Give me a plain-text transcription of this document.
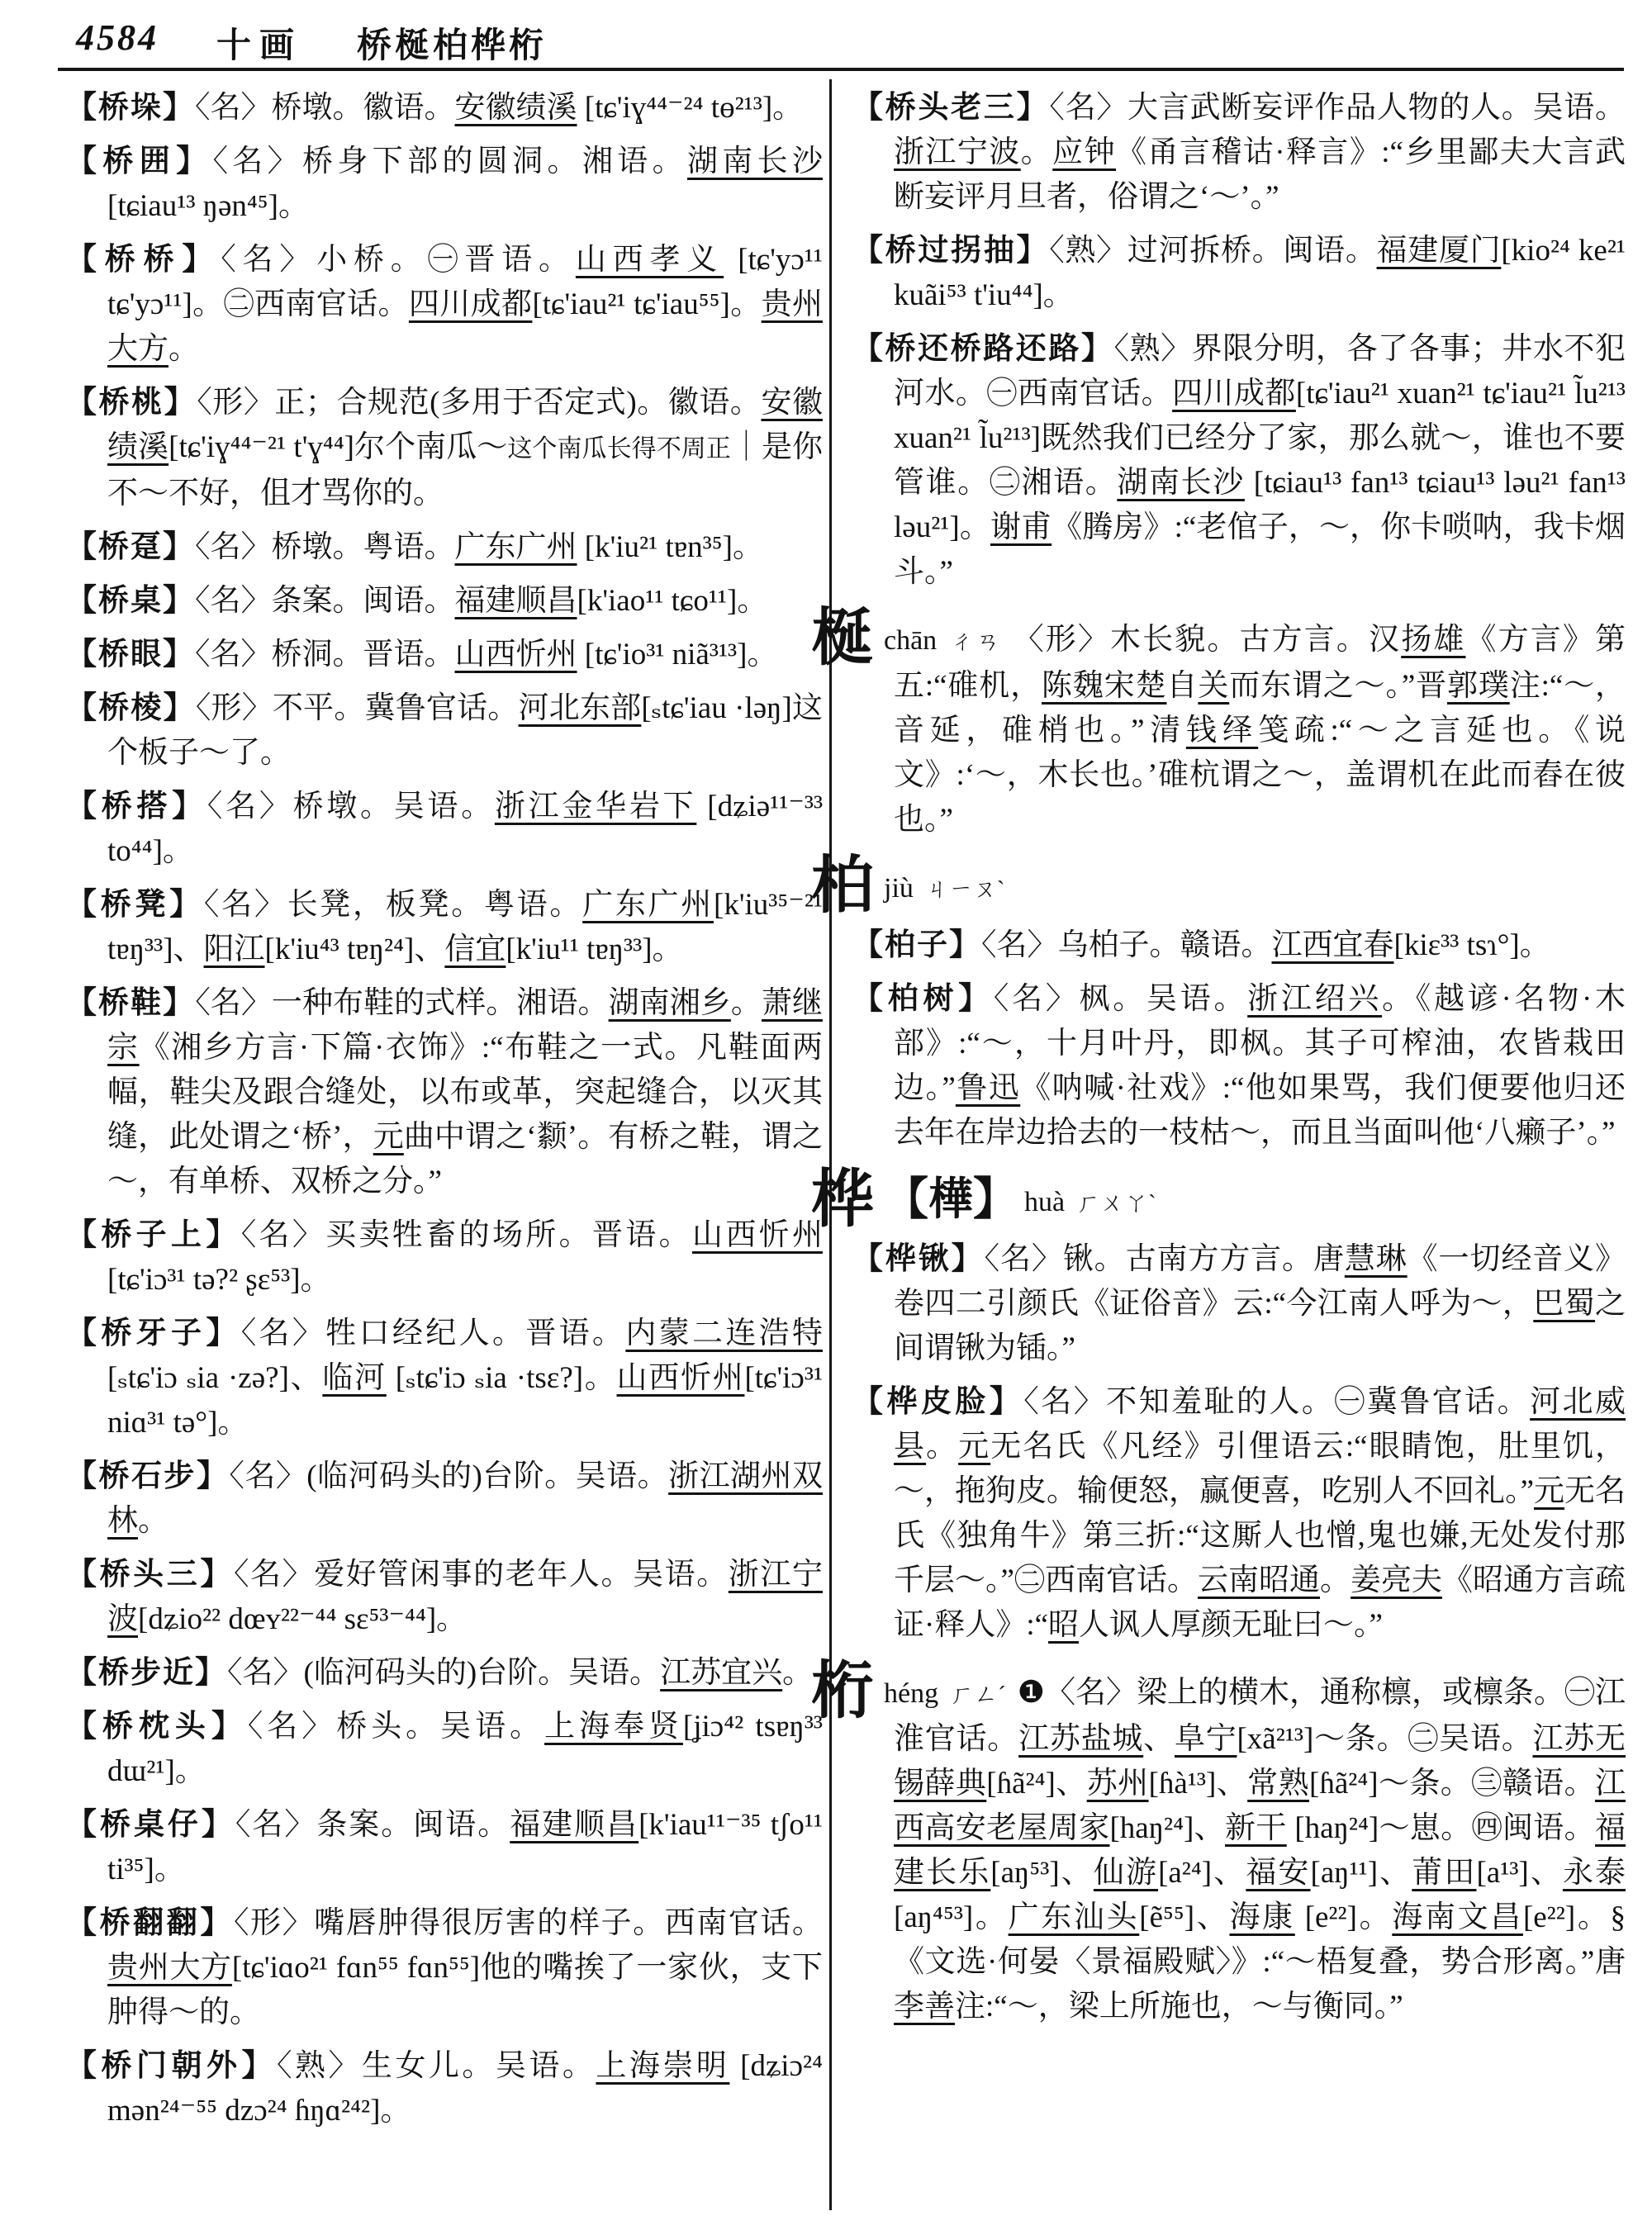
4584 十画 桥梴柏桦桁

【桥垛】〈名〉桥墩。徽语。安徽绩溪 [tɕ'iɣ⁴⁴⁻²⁴ tɵ²¹³]。

【桥囲】〈名〉桥身下部的圆洞。湘语。湖南长沙 [tɕiau¹³ ŋən⁴⁵]。

【桥桥】〈名〉小桥。㊀晋语。山西孝义 [tɕ'yɔ¹¹ tɕ'yɔ¹¹]。㊁西南官话。四川成都[tɕ'iau²¹ tɕ'iau⁵⁵]。贵州大方。

【桥桃】〈形〉正；合规范(多用于否定式)。徽语。安徽绩溪[tɕ'iɣ⁴⁴⁻²¹ t'ɣ⁴⁴]尔个南瓜～这个南瓜长得不周正｜是你不～不好，伹才骂你的。

【桥趸】〈名〉桥墩。粤语。广东广州 [k'iu²¹ tɐn³⁵]。

【桥桌】〈名〉条案。闽语。福建顺昌[k'iao¹¹ tɕo¹¹]。

【桥眼】〈名〉桥洞。晋语。山西忻州 [tɕ'io³¹ niã³¹³]。

【桥棱】〈形〉不平。冀鲁官话。河北东部[ₛtɕ'iau ·ləŋ]这个板子～了。

【桥搭】〈名〉桥墩。吴语。浙江金华岩下 [dʑiə¹¹⁻³³ to⁴⁴]。

【桥凳】〈名〉长凳，板凳。粤语。广东广州[k'iu³⁵⁻²¹ tɐŋ³³]、阳江[k'iu⁴³ tɐŋ²⁴]、信宜[k'iu¹¹ tɐŋ³³]。

【桥鞋】〈名〉一种布鞋的式样。湘语。湖南湘乡。萧继宗《湘乡方言·下篇·衣饰》:“布鞋之一式。凡鞋面两幅，鞋尖及跟合缝处，以布或革，突起缝合，以灭其缝，此处谓之‘桥’，元曲中谓之‘颣’。有桥之鞋，谓之～，有单桥、双桥之分。”

【桥子上】〈名〉买卖牲畜的场所。晋语。山西忻州[tɕ'iɔ³¹ tə?² ʂɛ⁵³]。

【桥牙子】〈名〉牲口经纪人。晋语。内蒙二连浩特[ₛtɕ'iɔ ₛia ·zə?]、临河 [ₛtɕ'iɔ ₛia ·tsɛ?]。山西忻州[tɕ'iɔ³¹ niɑ³¹ tə°]。

【桥石步】〈名〉(临河码头的)台阶。吴语。浙江湖州双林。

【桥头三】〈名〉爱好管闲事的老年人。吴语。浙江宁波[dʑio²² dœʏ²²⁻⁴⁴ sɛ⁵³⁻⁴⁴]。

【桥步近】〈名〉(临河码头的)台阶。吴语。江苏宜兴。

【桥枕头】〈名〉桥头。吴语。上海奉贤[ʝiɔ⁴² tsɐŋ³³ dɯ²¹]。

【桥桌仔】〈名〉条案。闽语。福建顺昌[k'iau¹¹⁻³⁵ tʃo¹¹ ti³⁵]。

【桥翻翻】〈形〉嘴唇肿得很厉害的样子。西南官话。贵州大方[tɕ'iɑo²¹ fɑn⁵⁵ fɑn⁵⁵]他的嘴挨了一家伙，支下肿得～的。

【桥门朝外】〈熟〉生女儿。吴语。上海崇明 [dʑiɔ²⁴ mən²⁴⁻⁵⁵ dzɔ²⁴ ɦŋɑ²⁴²]。

【桥头老三】〈名〉大言武断妄评作品人物的人。吴语。浙江宁波。应钟《甬言稽诂·释言》:“乡里鄙夫大言武断妄评月旦者，俗谓之‘～’。”

【桥过拐抽】〈熟〉过河拆桥。闽语。福建厦门[kio²⁴ ke²¹ kuãi⁵³ t'iu⁴⁴]。

【桥还桥路还路】〈熟〉界限分明，各了各事；井水不犯河水。㊀西南官话。四川成都[tɕ'iau²¹ xuan²¹ tɕ'iau²¹ l̃u²¹³ xuan²¹ l̃u²¹³]既然我们已经分了家，那么就～，谁也不要管谁。㊁湘语。湖南长沙 [tɕiau¹³ fan¹³ tɕiau¹³ ləu²¹ fan¹³ ləu²¹]。谢甫《腾房》:“老倌子，～，你卡唢呐，我卡烟斗。”

梴chān ㄔㄢ 〈形〉木长貌。古方言。汉扬雄《方言》第五:“碓机，陈魏宋楚自关而东谓之～。”晋郭璞注:“～，音延，碓梢也。”清钱绎笺疏:“～之言延也。《说文》:‘～，木长也。’碓杭谓之～，盖谓机在此而舂在彼也。”

柏jiù ㄐㄧㄡˋ

【柏子】〈名〉乌柏子。赣语。江西宜春[kiɛ³³ tsɿ°]。

【柏树】〈名〉枫。吴语。浙江绍兴。《越谚·名物·木部》:“～，十月叶丹，即枫。其子可榨油，农皆栽田边。”鲁迅《呐喊·社戏》:“他如果骂，我们便要他归还去年在岸边拾去的一枝枯～，而且当面叫他‘八癞子’。”

桦 【樺】 huà ㄏㄨㄚˋ

【桦锹】〈名〉锹。古南方方言。唐慧琳《一切经音义》卷四二引颜氏《证俗音》云:“今江南人呼为～，巴蜀之间谓锹为锸。”

【桦皮脸】〈名〉不知羞耻的人。㊀冀鲁官话。河北威县。元无名氏《凡经》引俚语云:“眼睛饱，肚里饥，～，拖狗皮。输便怒，赢便喜，吃别人不回礼。”元无名氏《独角牛》第三折:“这厮人也憎,鬼也嫌,无处发付那千层～。”㊁西南官话。云南昭通。姜亮夫《昭通方言疏证·释人》:“昭人讽人厚颜无耻曰～。”

桁héng ㄏㄥˊ ❶〈名〉梁上的横木，通称檩，或檩条。㊀江淮官话。江苏盐城、阜宁[xã²¹³]～条。㊁吴语。江苏无锡薛典[ɦã²⁴]、苏州[ɦà¹³]、常熟[ɦã²⁴]～条。㊂赣语。江西高安老屋周家[haŋ²⁴]、新干 [haŋ²⁴]～崽。㊃闽语。福建长乐[aŋ⁵³]、仙游[a²⁴]、福安[aŋ¹¹]、莆田[a¹³]、永泰[aŋ⁴⁵³]。广东汕头[ẽ⁵⁵]、海康 [e²²]。海南文昌[e²²]。§《文选·何晏〈景福殿赋〉》:“～梧复叠，势合形离。”唐李善注:“～，梁上所施也，～与衡同。”
